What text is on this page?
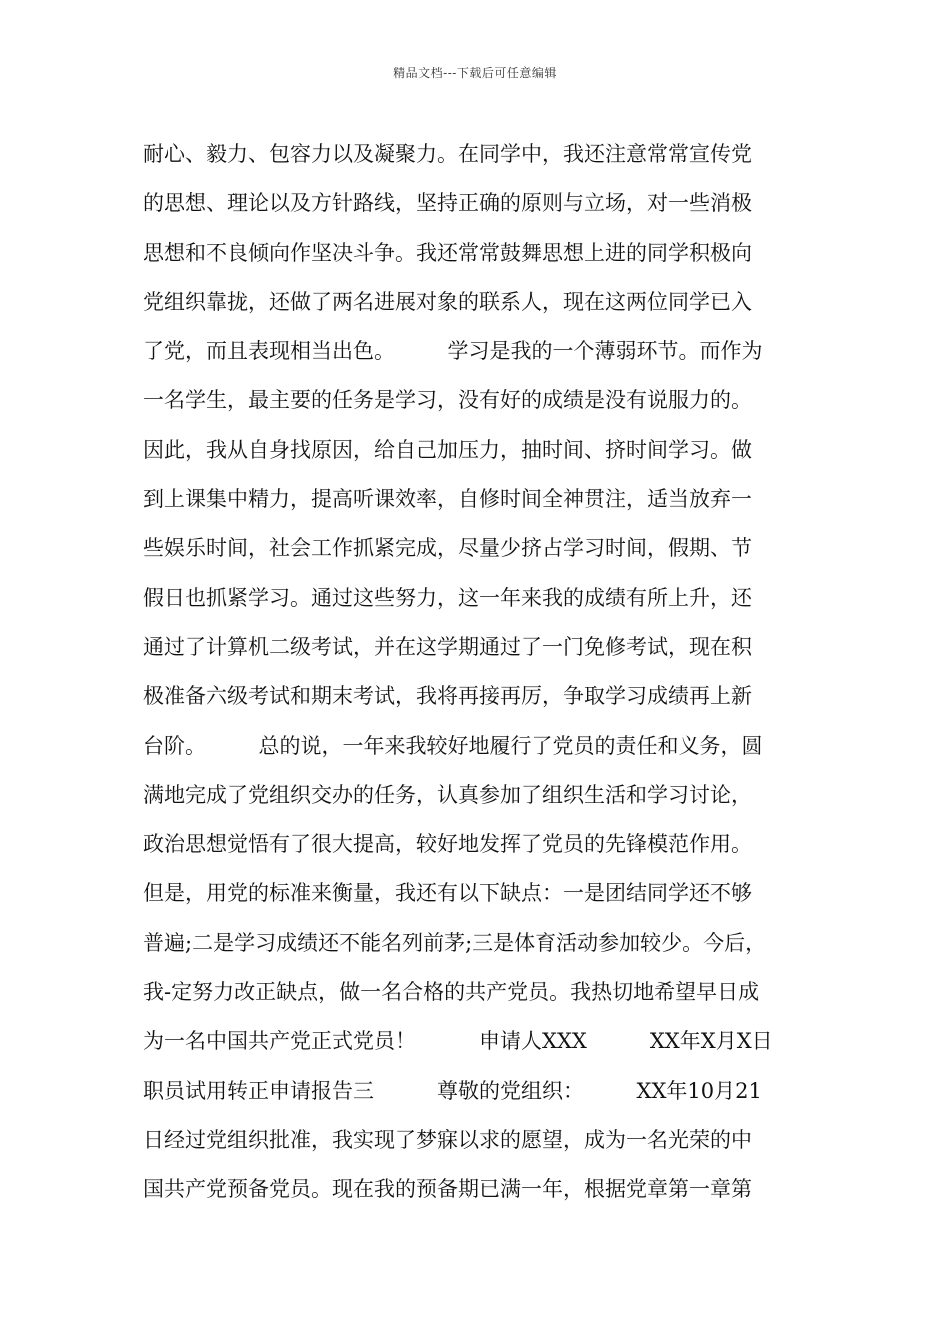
精品文档---下载后可任意编辑
耐心、毅力、包容力以及凝聚力。在同学中，我还注意常常宣传党
的思想、理论以及方针路线，坚持正确的原则与立场，对一些消极
思想和不良倾向作坚决斗争。我还常常鼓舞思想上进的同学积极向
党组织靠拢，还做了两名进展对象的联系人，现在这两位同学已入
了党，而且表现相当出色。　　　学习是我的一个薄弱环节。而作为
一名学生，最主要的任务是学习，没有好的成绩是没有说服力的。
因此，我从自身找原因，给自己加压力，抽时间、挤时间学习。做
到上课集中精力，提高听课效率，自修时间全神贯注，适当放弃一
些娱乐时间，社会工作抓紧完成，尽量少挤占学习时间，假期、节
假日也抓紧学习。通过这些努力，这一年来我的成绩有所上升，还
通过了计算机二级考试，并在这学期通过了一门免修考试，现在积
极准备六级考试和期末考试，我将再接再厉，争取学习成绩再上新
台阶。　　　总的说，一年来我较好地履行了党员的责任和义务，圆
满地完成了党组织交办的任务，认真参加了组织生活和学习讨论，
政治思想觉悟有了很大提高，较好地发挥了党员的先锋模范作用。
但是，用党的标准来衡量，我还有以下缺点：一是团结同学还不够
普遍;二是学习成绩还不能名列前茅;三是体育活动参加较少。今后，
我-定努力改正缺点，做一名合格的共产党员。我热切地希望早日成
为一名中国共产党正式党员！　　　申请人XXX　　　XX年X月X日
职员试用转正申请报告三　　　尊敬的党组织：　　　XX年10月21
日经过党组织批准，我实现了梦寐以求的愿望，成为一名光荣的中
国共产党预备党员。现在我的预备期已满一年，根据党章第一章第
